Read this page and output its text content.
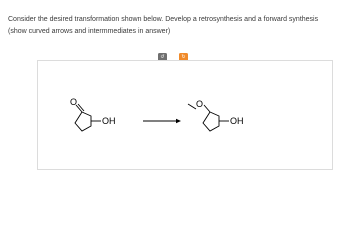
Consider the desired transformation shown below. Develop a retrosynthesis and a forward synthesis (show curved arrows and intermmediates in answer)

↺	↻
O
OH
O
OH
